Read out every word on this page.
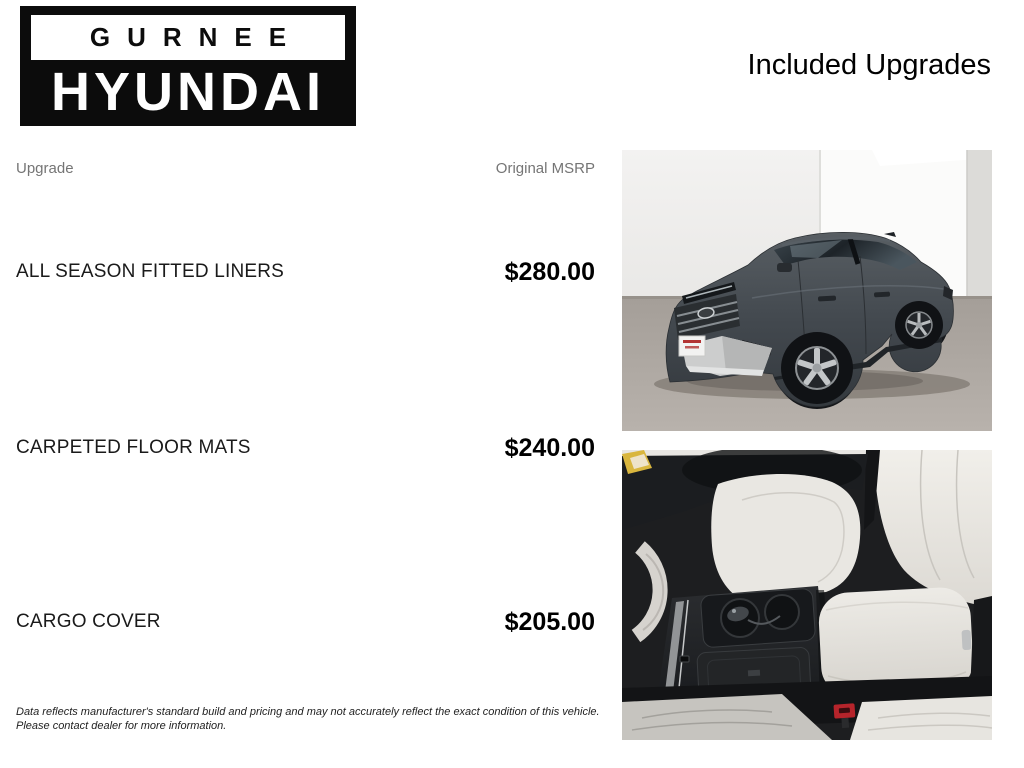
GURNEE
HYUNDAI	Included Upgrades
Upgrade	Original MSRP
ALL SEASON FITTED LINERS	$280.00
CARPETED FLOOR MATS	$240.00
CARGO COVER	$205.00
Data reflects manufacturer's standard build and pricing and may not accurately reflect the exact condition of this vehicle.
Please contact dealer for more information.
